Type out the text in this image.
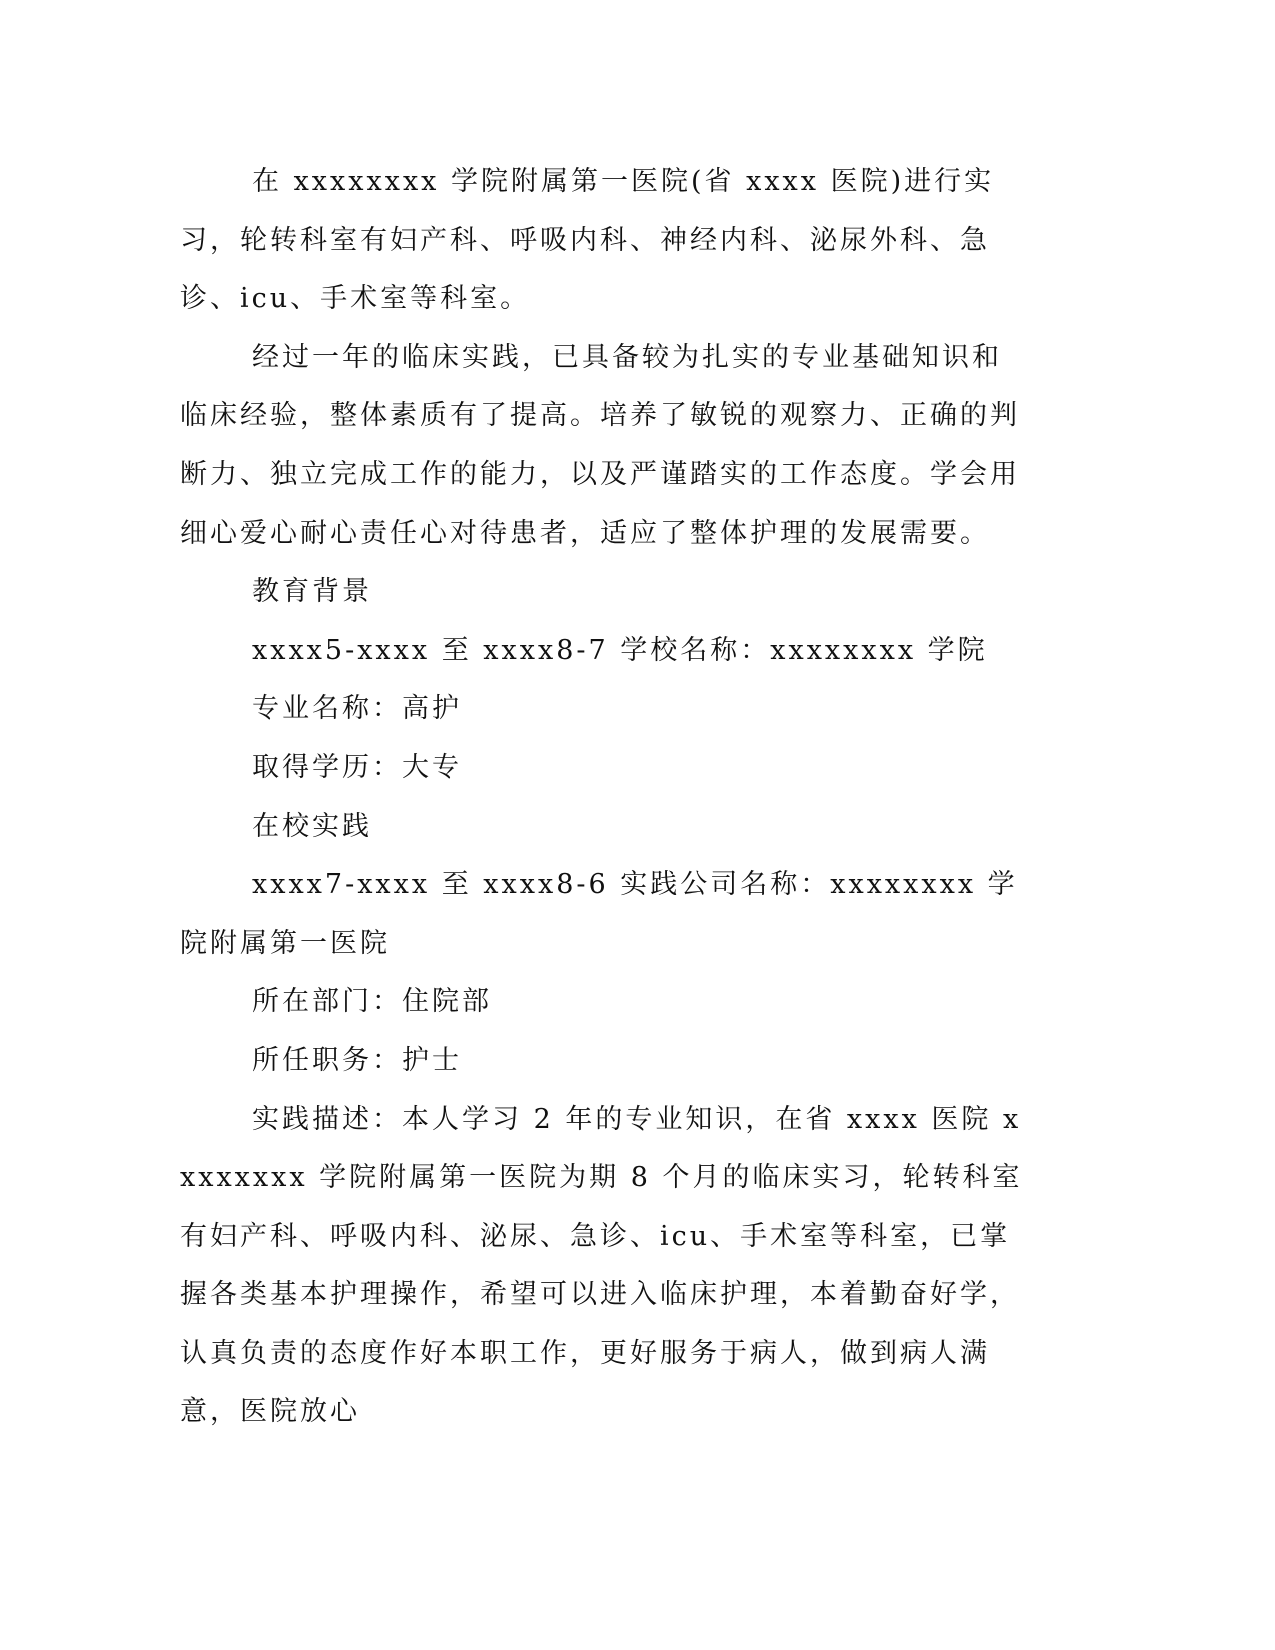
在 xxxxxxxx 学院附属第一医院(省 xxxx 医院)进行实习，轮转科室有妇产科、呼吸内科、神经内科、泌尿外科、急诊、icu、手术室等科室。

经过一年的临床实践，已具备较为扎实的专业基础知识和临床经验，整体素质有了提高。培养了敏锐的观察力、正确的判断力、独立完成工作的能力，以及严谨踏实的工作态度。学会用细心爱心耐心责任心对待患者，适应了整体护理的发展需要。

教育背景

xxxx5-xxxx 至 xxxx8-7 学校名称：xxxxxxxx 学院

专业名称：高护

取得学历：大专

在校实践

xxxx7-xxxx 至 xxxx8-6 实践公司名称：xxxxxxxx 学院附属第一医院

所在部门：住院部

所任职务：护士

实践描述：本人学习 2 年的专业知识，在省 xxxx 医院 xxxxxxxx 学院附属第一医院为期 8 个月的临床实习，轮转科室有妇产科、呼吸内科、泌尿、急诊、icu、手术室等科室，已掌握各类基本护理操作，希望可以进入临床护理，本着勤奋好学，认真负责的态度作好本职工作，更好服务于病人，做到病人满意，医院放心
